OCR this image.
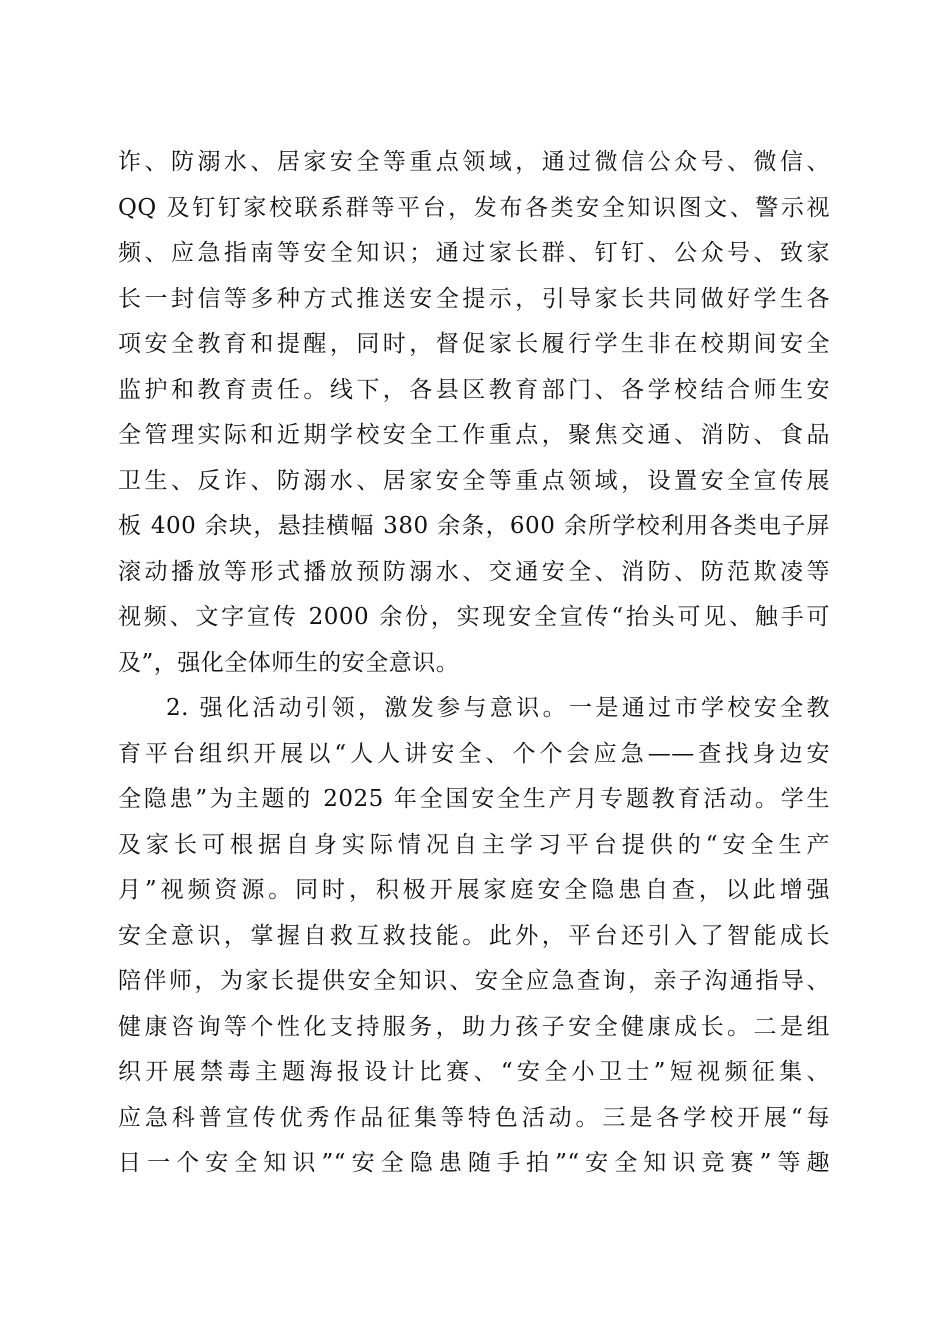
诈、防溺水、居家安全等重点领域，通过微信公众号、微信、
QQ 及钉钉家校联系群等平台，发布各类安全知识图文、警示视
频、应急指南等安全知识；通过家长群、钉钉、公众号、致家
长一封信等多种方式推送安全提示，引导家长共同做好学生各
项安全教育和提醒，同时，督促家长履行学生非在校期间安全
监护和教育责任。线下，各县区教育部门、各学校结合师生安
全管理实际和近期学校安全工作重点，聚焦交通、消防、食品
卫生、反诈、防溺水、居家安全等重点领域，设置安全宣传展
板 400 余块，悬挂横幅 380 余条，600 余所学校利用各类电子屏
滚动播放等形式播放预防溺水、交通安全、消防、防范欺凌等
视频、文字宣传 2000 余份，实现安全宣传“抬头可见、触手可
及”，强化全体师生的安全意识。
2. 强化活动引领，激发参与意识。一是通过市学校安全教
育平台组织开展以“人人讲安全、个个会应急——查找身边安
全隐患”为主题的 2025 年全国安全生产月专题教育活动。学生
及家长可根据自身实际情况自主学习平台提供的“安全生产
月”视频资源。同时，积极开展家庭安全隐患自查，以此增强
安全意识，掌握自救互救技能。此外，平台还引入了智能成长
陪伴师，为家长提供安全知识、安全应急查询，亲子沟通指导、
健康咨询等个性化支持服务，助力孩子安全健康成长。二是组
织开展禁毒主题海报设计比赛、“安全小卫士”短视频征集、
应急科普宣传优秀作品征集等特色活动。三是各学校开展“每
日一个安全知识”“安全隐患随手拍”“安全知识竞赛”等趣
